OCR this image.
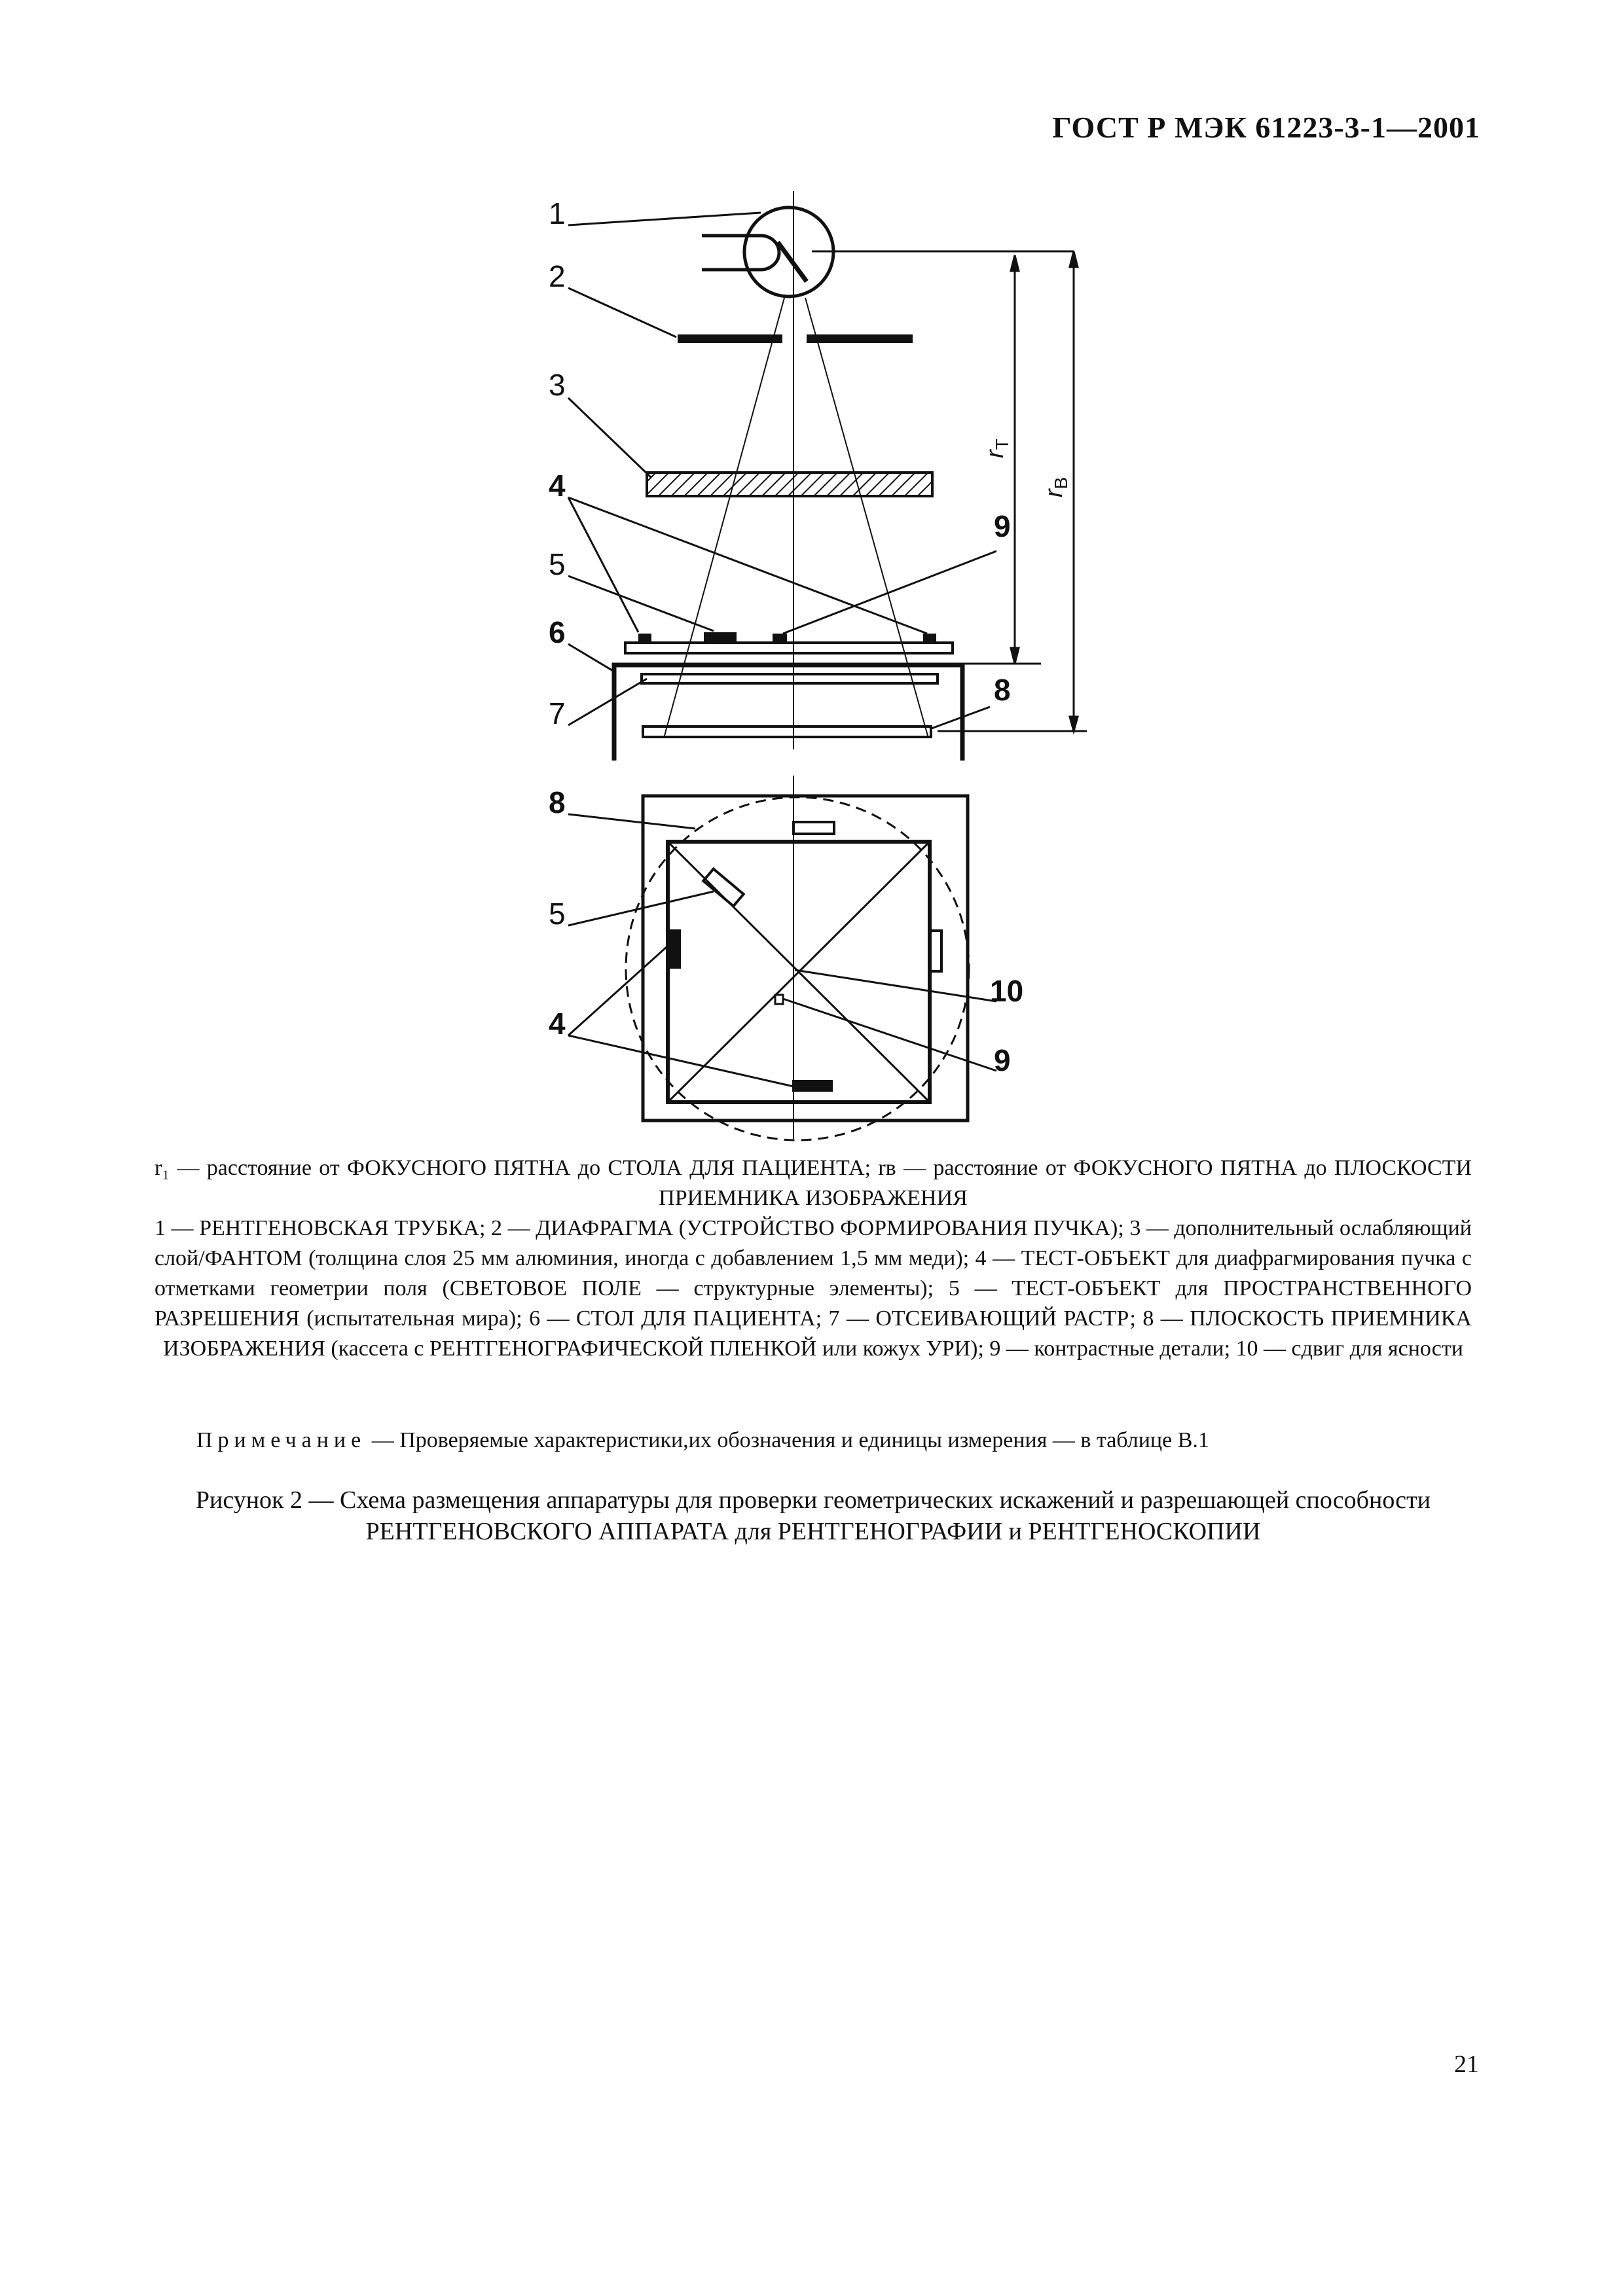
ГОСТ Р МЭК 61223-3-1—2001
$r_T$
$r_B$
1
2
3
4
5
6
7
9
8
8
5
4
10
9

r₁ — расстояние от ФОКУСНОГО ПЯТНА до СТОЛА ДЛЯ ПАЦИЕНТА; rʙ — расстояние от ФОКУСНОГО ПЯТНА до ПЛОСКОСТИ ПРИЕМНИКА ИЗОБРАЖЕНИЯ

1 — РЕНТГЕНОВСКАЯ ТРУБКА; 2 — ДИАФРАГМА (УСТРОЙСТВО ФОРМИРОВАНИЯ ПУЧКА); 3 — дополнительный ослабляющий слой/ФАНТОМ (толщина слоя 25 мм алюминия, иногда с добавлением 1,5 мм меди); 4 — ТЕСТ-ОБЪЕКТ для диафрагмирования пучка с отметками геометрии поля (СВЕТОВОЕ ПОЛЕ — структурные элементы); 5 — ТЕСТ-ОБЪЕКТ для ПРОСТРАНСТВЕННОГО РАЗРЕШЕНИЯ (испытательная мира); 6 — СТОЛ ДЛЯ ПАЦИЕНТА; 7 — ОТСЕИВАЮЩИЙ РАСТР; 8 — ПЛОСКОСТЬ ПРИЕМНИКА ИЗОБРАЖЕНИЯ (кассета с РЕНТГЕНОГРАФИЧЕСКОЙ ПЛЕНКОЙ или кожух УРИ); 9 — контрастные детали; 10 — сдвиг для ясности

Примечание — Проверяемые характеристики,их обозначения и единицы измерения — в таблице В.1
Рисунок 2 — Схема размещения аппаратуры для проверки геометрических искажений и разрешающей способности РЕНТГЕНОВСКОГО АППАРАТА для РЕНТГЕНОГРАФИИ и РЕНТГЕНОСКОПИИ
21
